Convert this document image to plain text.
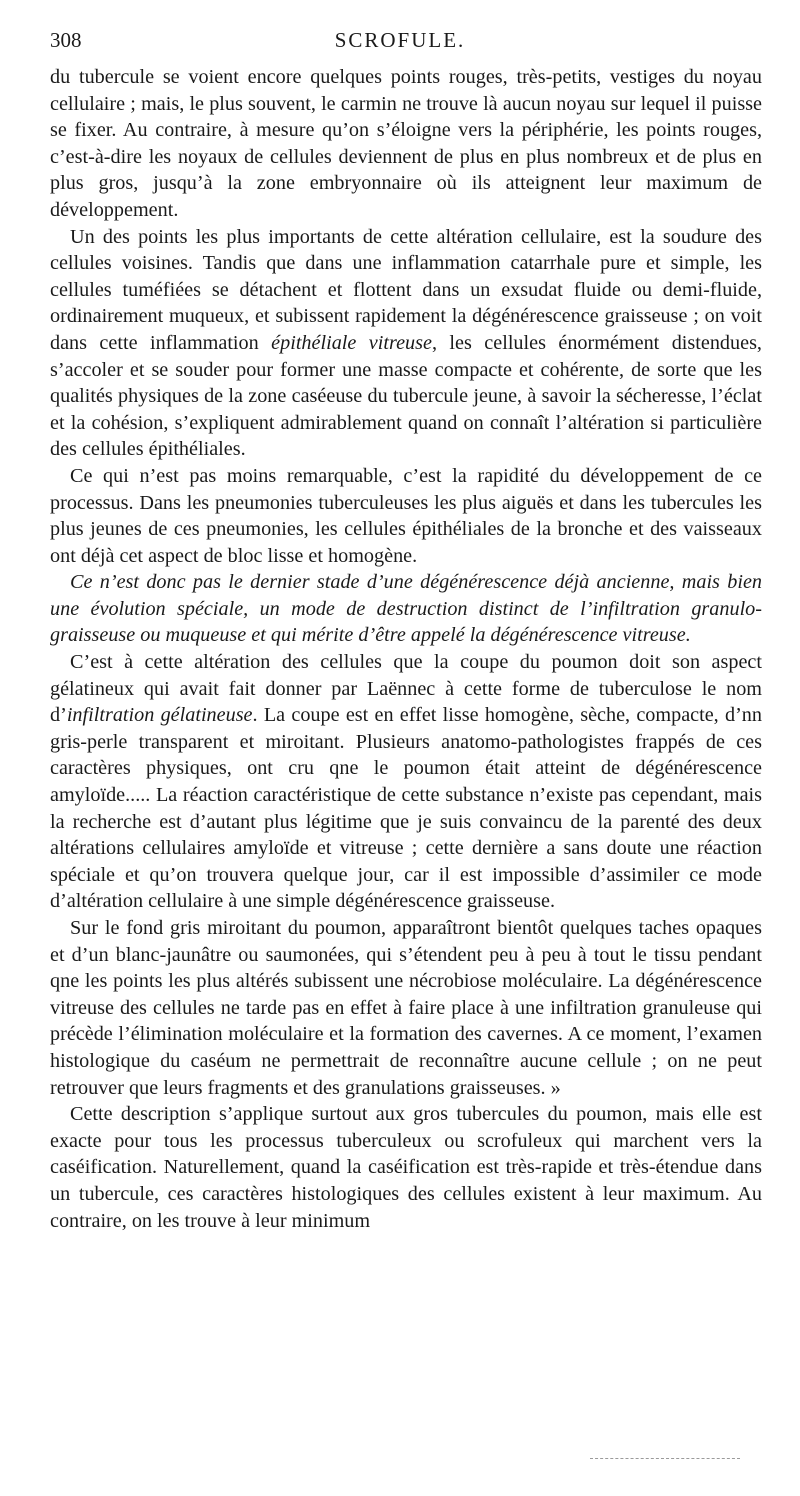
308	SCROFULE.

du tubercule se voient encore quelques points rouges, très-petits, vestiges du noyau cellulaire ; mais, le plus souvent, le carmin ne trouve là aucun noyau sur lequel il puisse se fixer. Au contraire, à mesure qu’on s’éloigne vers la périphérie, les points rouges, c’est-à-dire les noyaux de cellules deviennent de plus en plus nombreux et de plus en plus gros, jusqu’à la zone embryonnaire où ils atteignent leur maximum de développement.

Un des points les plus importants de cette altération cellulaire, est la soudure des cellules voisines. Tandis que dans une inflammation catarrhale pure et simple, les cellules tuméfiées se détachent et flottent dans un exsudat fluide ou demi-fluide, ordinairement muqueux, et subissent rapidement la dégénérescence graisseuse ; on voit dans cette inflammation épithéliale vitreuse, les cellules énormément distendues, s’accoler et se souder pour former une masse compacte et cohérente, de sorte que les qualités physiques de la zone caséeuse du tubercule jeune, à savoir la sécheresse, l’éclat et la cohésion, s’expliquent admirablement quand on connaît l’altération si particulière des cellules épithéliales.

Ce qui n’est pas moins remarquable, c’est la rapidité du développement de ce processus. Dans les pneumonies tuberculeuses les plus aiguës et dans les tubercules les plus jeunes de ces pneumonies, les cellules épithéliales de la bronche et des vaisseaux ont déjà cet aspect de bloc lisse et homogène.

Ce n’est donc pas le dernier stade d’une dégénérescence déjà ancienne, mais bien une évolution spéciale, un mode de destruction distinct de l’infiltration granulo-graisseuse ou muqueuse et qui mérite d’être appelé la dégénérescence vitreuse.

C’est à cette altération des cellules que la coupe du poumon doit son aspect gélatineux qui avait fait donner par Laënnec à cette forme de tuberculose le nom d’infiltration gélatineuse. La coupe est en effet lisse homogène, sèche, compacte, d’nn gris-perle transparent et miroitant. Plusieurs anatomo-pathologistes frappés de ces caractères physiques, ont cru qne le poumon était atteint de dégénérescence amyloïde..... La réaction caractéristique de cette substance n’existe pas cependant, mais la recherche est d’autant plus légitime que je suis convaincu de la parenté des deux altérations cellulaires amyloïde et vitreuse ; cette dernière a sans doute une réaction spéciale et qu’on trouvera quelque jour, car il est impossible d’assimiler ce mode d’altération cellulaire à une simple dégénérescence graisseuse.

Sur le fond gris miroitant du poumon, apparaîtront bientôt quelques taches opaques et d’un blanc-jaunâtre ou saumonées, qui s’étendent peu à peu à tout le tissu pendant qne les points les plus altérés subissent une nécrobiose moléculaire. La dégénérescence vitreuse des cellules ne tarde pas en effet à faire place à une infiltration granuleuse qui précède l’élimination moléculaire et la formation des cavernes. A ce moment, l’examen histologique du caséum ne permettrait de reconnaître aucune cellule ; on ne peut retrouver que leurs fragments et des granulations graisseuses. »

Cette description s’applique surtout aux gros tubercules du poumon, mais elle est exacte pour tous les processus tuberculeux ou scrofuleux qui marchent vers la caséification. Naturellement, quand la caséification est très-rapide et très-étendue dans un tubercule, ces caractères histologiques des cellules existent à leur maximum. Au contraire, on les trouve à leur minimum
